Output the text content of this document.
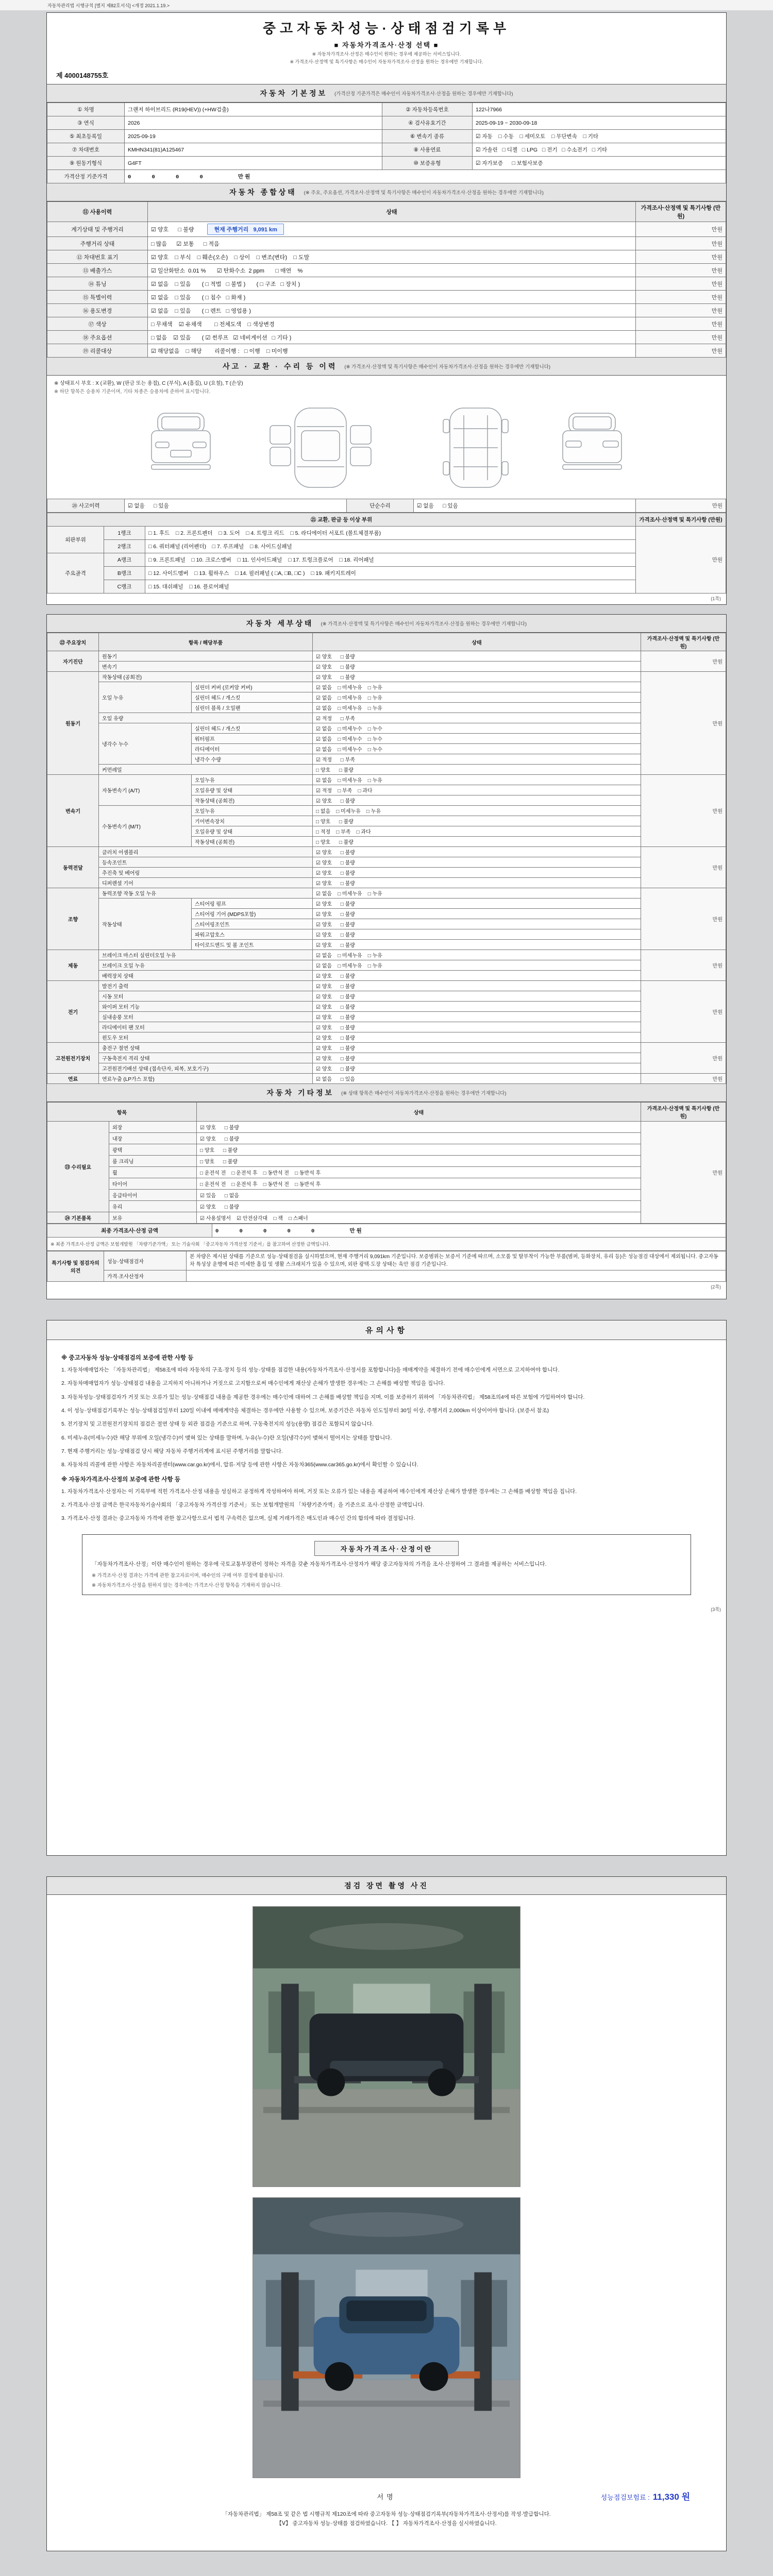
자동차관리법 시행규칙 [별지 제82호서식] <개정 2021.1.19.>
중고자동차성능·상태점검기록부
■ 자동차가격조사·산정 선택 ■
※ 자동차가격조사·산정은 매수인이 원하는 경우에 제공하는 서비스입니다.
※ 가격조사·산정액 및 특기사항은 매수인이 자동차가격조사·산정을 원하는 경우에만 기재합니다.
제 4000148755호
자동차 기본정보 (가격산정 기준가격은 매수인이 자동차가격조사·산정을 원하는 경우에만 기재합니다)
① 차명	그랜저 하이브리드 (R19(HEV)) (+HW검출)	② 자동차등록번호	122나7966
③ 연식	2026	④ 검사유효기간	2025-09-19 ~ 2030-09-18
⑤ 최초등록일	2025-09-19	⑥ 변속기 종류	☑ 자동    □ 수동    □ 세미오토    □ 무단변속    □ 기타
⑦ 차대번호	KMHN341(81)A125467	⑧ 사용연료	☑ 가솔린   □ 디젤   □ LPG   □ 전기   □ 수소전기   □ 기타
⑨ 원동기형식	G4FT	⑩ 보증유형	☑ 자가보증      □ 보험사보증
가격산정 기준가격	0    0    0    0       만원		
자동차 종합상태 (※ 주요, 주요옵션, 가격조사·산정액 및 특기사항은 매수인이 자동차가격조사·산정을 원하는 경우에만 기재합니다)
⑪ 사용이력	상태	가격조사·산정액 및 특기사항 (만원)
계기상태 및 주행거리	☑ 양호      □ 불량 현재 주행거리   9,091 km	만원
주행거리 상태	□ 많음      ☑ 보통      □ 적음	만원
⑫ 차대번호 표기	☑ 양호    □ 부식    □ 훼손(오손)    □ 상이    □ 변조(변타)    □ 도말	만원
⑬ 배출가스	☑ 일산화탄소  0.01 %       ☑ 탄화수소  2 ppm       □ 매연    %	만원
⑭ 튜닝	☑ 없음    □ 있음       ( □ 적법   □ 불법 )       ( □ 구조   □ 장치 )	만원
⑮ 특별이력	☑ 없음    □ 있음       ( □ 침수   □ 화재 )	만원
⑯ 용도변경	☑ 없음    □ 있음       ( □ 렌트   □ 영업용 )	만원
⑰ 색상	□ 무채색    ☑ 유채색        □ 전체도색    □ 색상변경	만원
⑱ 주요옵션	□ 없음    ☑ 있음       ( ☑ 썬루프   ☑ 네비게이션   □ 기타 )	만원
⑲ 리콜대상	☑ 해당없음    □ 해당        리콜이행 :   □ 이행    □ 미이행	만원
사고 · 교환 · 수리 등 이력 (※ 가격조사·산정액 및 특기사항은 매수인이 자동차가격조사·산정을 원하는 경우에만 기재합니다)
※ 상태표시 부호 : X (교환), W (판금 또는 용접), C (부식), A (흠집), U (요철), T (손상)
※ 하단 항목은 승용차 기준이며, 기타 차종은 승용차에 준하여 표시합니다.
⑳ 사고이력	☑ 없음      □ 있음	단순수리	☑ 없음      □ 있음	만원
㉑ 교환, 판금 등 이상 부위			가격조사·산정액 및 특기사항 (만원)
외판부위	1랭크	□ 1. 후드    □ 2. 프론트펜더    □ 3. 도어    □ 4. 트렁크 리드    □ 5. 라디에이터 서포트 (볼트체결부품)	만원
	2랭크	□ 6. 쿼터패널 (리어펜더)    □ 7. 루프패널    □ 8. 사이드실패널	
주요골격	A랭크	□ 9. 프론트패널    □ 10. 크로스멤버    □ 11. 인사이드패널    □ 17. 트렁크플로어    □ 18. 리어패널	
	B랭크	□ 12. 사이드멤버    □ 13. 휠하우스    □ 14. 필러패널 ( □A, □B, □C )    □ 19. 패키지트레이	
	C랭크	□ 15. 대쉬패널    □ 16. 플로어패널	
(1쪽)
자동차 세부상태 (※ 가격조사·산정액 및 특기사항은 매수인이 자동차가격조사·산정을 원하는 경우에만 기재합니다)
㉒ 주요장치	항목 / 해당부품		상태	가격조사·산정액 및 특기사항 (만원)
자기진단	원동기		☑ 양호      □ 불량	만원
	변속기		☑ 양호      □ 불량	
원동기	작동상태 (공회전)		☑ 양호      □ 불량	만원
	오일 누유	실린더 커버 (로커암 커버)	☑ 없음    □ 미세누유    □ 누유	
		실린더 헤드 / 개스킷	☑ 없음    □ 미세누유    □ 누유	
		실린더 블록 / 오일팬	☑ 없음    □ 미세누유    □ 누유	
	오일 유량		☑ 적정      □ 부족	
	냉각수 누수	실린더 헤드 / 개스킷	☑ 없음    □ 미세누수    □ 누수	
		워터펌프	☑ 없음    □ 미세누수    □ 누수	
		라디에이터	☑ 없음    □ 미세누수    □ 누수	
		냉각수 수량	☑ 적정      □ 부족	
	커먼레일		□ 양호      □ 불량	
변속기	자동변속기 (A/T)	오일누유	☑ 없음    □ 미세누유    □ 누유	만원
		오일유량 및 상태	☑ 적정    □ 부족    □ 과다	
		작동상태 (공회전)	☑ 양호      □ 불량	
	수동변속기 (M/T)	오일누유	□ 없음    □ 미세누유    □ 누유	
		기어변속장치	□ 양호      □ 불량	
		오일유량 및 상태	□ 적정    □ 부족    □ 과다	
		작동상태 (공회전)	□ 양호      □ 불량	
동력전달	클러치 어셈블리		☑ 양호      □ 불량	만원
	등속조인트		☑ 양호      □ 불량	
	추진축 및 베어링		☑ 양호      □ 불량	
	디퍼렌셜 기어		☑ 양호      □ 불량	
조향	동력조향 작동 오일 누유		☑ 없음    □ 미세누유    □ 누유	만원
	작동상태	스티어링 펌프	☑ 양호      □ 불량	
		스티어링 기어 (MDPS포함)	☑ 양호      □ 불량	
		스티어링조인트	☑ 양호      □ 불량	
		파워고압호스	☑ 양호      □ 불량	
		타이로드엔드 및 볼 조인트	☑ 양호      □ 불량	
제동	브레이크 마스터 실린더오일 누유		☑ 없음    □ 미세누유    □ 누유	만원
	브레이크 오일 누유		☑ 없음    □ 미세누유    □ 누유	
	배력장치 상태		☑ 양호      □ 불량	
전기	발전기 출력		☑ 양호      □ 불량	만원
	시동 모터		☑ 양호      □ 불량	
	와이퍼 모터 기능		☑ 양호      □ 불량	
	실내송풍 모터		☑ 양호      □ 불량	
	라디에이터 팬 모터		☑ 양호      □ 불량	
	윈도우 모터		☑ 양호      □ 불량	
고전원전기장치	충전구 절연 상태		☑ 양호      □ 불량	만원
	구동축전지 격리 상태		☑ 양호      □ 불량	
	고전원전기배선 상태 (접속단자, 피복, 보호기구)		☑ 양호      □ 불량	
연료	연료누출 (LP가스 포함)		☑ 없음      □ 있음	만원
자동차 기타정보 (※ 상태 항목은 매수인이 자동차가격조사·산정을 원하는 경우에만 기재합니다)
항목		상태	가격조사·산정액 및 특기사항 (만원)
㉓ 수리필요	외장	☑ 양호      □ 불량	만원
	내장	☑ 양호      □ 불량	
	광택	□ 양호      □ 불량	
	룸 크리닝	□ 양호      □ 불량	
	휠	□ 운전석 전    □ 운전석 후    □ 동반석 전    □ 동반석 후	
	타이어	□ 운전석 전    □ 운전석 후    □ 동반석 전    □ 동반석 후	
	응급타이어	☑ 있음      □ 없음	
	유리	☑ 양호      □ 불량	
㉔ 기본품목	보유	☑ 사용설명서    ☑ 안전삼각대    □ 잭    □ 스패너	
최종 가격조사·산정 금액	0    0    0    0    0       만원
※ 최종 가격조사·산정 금액은 보험개발원 「차량기준가액」 또는 기술사회 「중고자동차 가격산정 기준서」를 참고하여 산정한 금액입니다.
특기사항 및 점검자의 의견	성능·상태점검자	본 차량은 제시된 상태를 기준으로 성능·상태점검을 실시하였으며, 현재 주행거리 9,091km 기준입니다. 보증범위는 보증서 기준에 따르며, 소모품 및 탈부착이 가능한 부품(범퍼, 등화장치, 유리 등)은 성능점검 대상에서 제외됩니다. 중고자동차 특성상 운행에 따른 미세한 흠집 및 생활 스크래치가 있을 수 있으며, 외판 광택·도장 상태는 육안 점검 기준입니다.
	가격·조사산정자	
(2쪽)
유의사항
※ 중고자동차 성능·상태점검의 보증에 관한 사항 등
1. 자동차매매업자는 「자동차관리법」 제58조에 따라 자동차의 구조·장치 등의 성능·상태를 점검한 내용(자동차가격조사·산정서를 포함합니다)을 매매계약을 체결하기 전에 매수인에게 서면으로 고지하여야 합니다.
2. 자동차매매업자가 성능·상태점검 내용을 고지하지 아니하거나 거짓으로 고지함으로써 매수인에게 재산상 손해가 발생한 경우에는 그 손해를 배상할 책임을 집니다.
3. 자동차성능·상태점검자가 거짓 또는 오류가 있는 성능·상태점검 내용을 제공한 경우에는 매수인에 대하여 그 손해를 배상할 책임을 지며, 이를 보증하기 위하여 「자동차관리법」 제58조의4에 따른 보험에 가입하여야 합니다.
4. 이 성능·상태점검기록부는 성능·상태점검일부터 120일 이내에 매매계약을 체결하는 경우에만 사용할 수 있으며, 보증기간은 자동차 인도일부터 30일 이상, 주행거리 2,000km 이상이어야 합니다. (보증서 참조)
5. 전기장치 및 고전원전기장치의 점검은 절연 상태 등 외관 점검을 기준으로 하며, 구동축전지의 성능(용량) 점검은 포함되지 않습니다.
6. 미세누유(미세누수)란 해당 부위에 오일(냉각수)이 맺혀 있는 상태를 말하며, 누유(누수)란 오일(냉각수)이 맺혀서 떨어지는 상태를 말합니다.
7. 현재 주행거리는 성능·상태점검 당시 해당 자동차 주행거리계에 표시된 주행거리를 말합니다.
8. 자동차의 리콜에 관한 사항은 자동차리콜센터(www.car.go.kr)에서, 압류·저당 등에 관한 사항은 자동차365(www.car365.go.kr)에서 확인할 수 있습니다.
※ 자동차가격조사·산정의 보증에 관한 사항 등
1. 자동차가격조사·산정자는 이 기록부에 적힌 가격조사·산정 내용을 성실하고 공정하게 작성하여야 하며, 거짓 또는 오류가 있는 내용을 제공하여 매수인에게 재산상 손해가 발생한 경우에는 그 손해를 배상할 책임을 집니다.
2. 가격조사·산정 금액은 한국자동차기술사회의 「중고자동차 가격산정 기준서」 또는 보험개발원의 「차량기준가액」을 기준으로 조사·산정한 금액입니다.
3. 가격조사·산정 결과는 중고자동차 가격에 관한 참고사항으로서 법적 구속력은 없으며, 실제 거래가격은 매도인과 매수인 간의 합의에 따라 결정됩니다.
자동차가격조사·산정이란
「자동차가격조사·산정」이란 매수인이 원하는 경우에 국토교통부장관이 정하는 자격을 갖춘 자동차가격조사·산정자가 해당 중고자동차의 가격을 조사·산정하여 그 결과를 제공하는 서비스입니다.
※ 가격조사·산정 결과는 가격에 관한 참고자료이며, 매수인의 구매 여부 결정에 활용됩니다.
※ 자동차가격조사·산정을 원하지 않는 경우에는 가격조사·산정 항목을 기재하지 않습니다.
(3쪽)
점검 장면 촬영 사진
서명	성능점검보험료 : 11,330 원
「자동차관리법」 제58조 및 같은 법 시행규칙 제120조에 따라 중고자동차 성능·상태점검기록부(자동차가격조사·산정서)를 작성·발급합니다.
【Ⅴ】 중고자동차 성능·상태를 점검하였습니다. 【 】 자동차가격조사·산정을 실시하였습니다.
